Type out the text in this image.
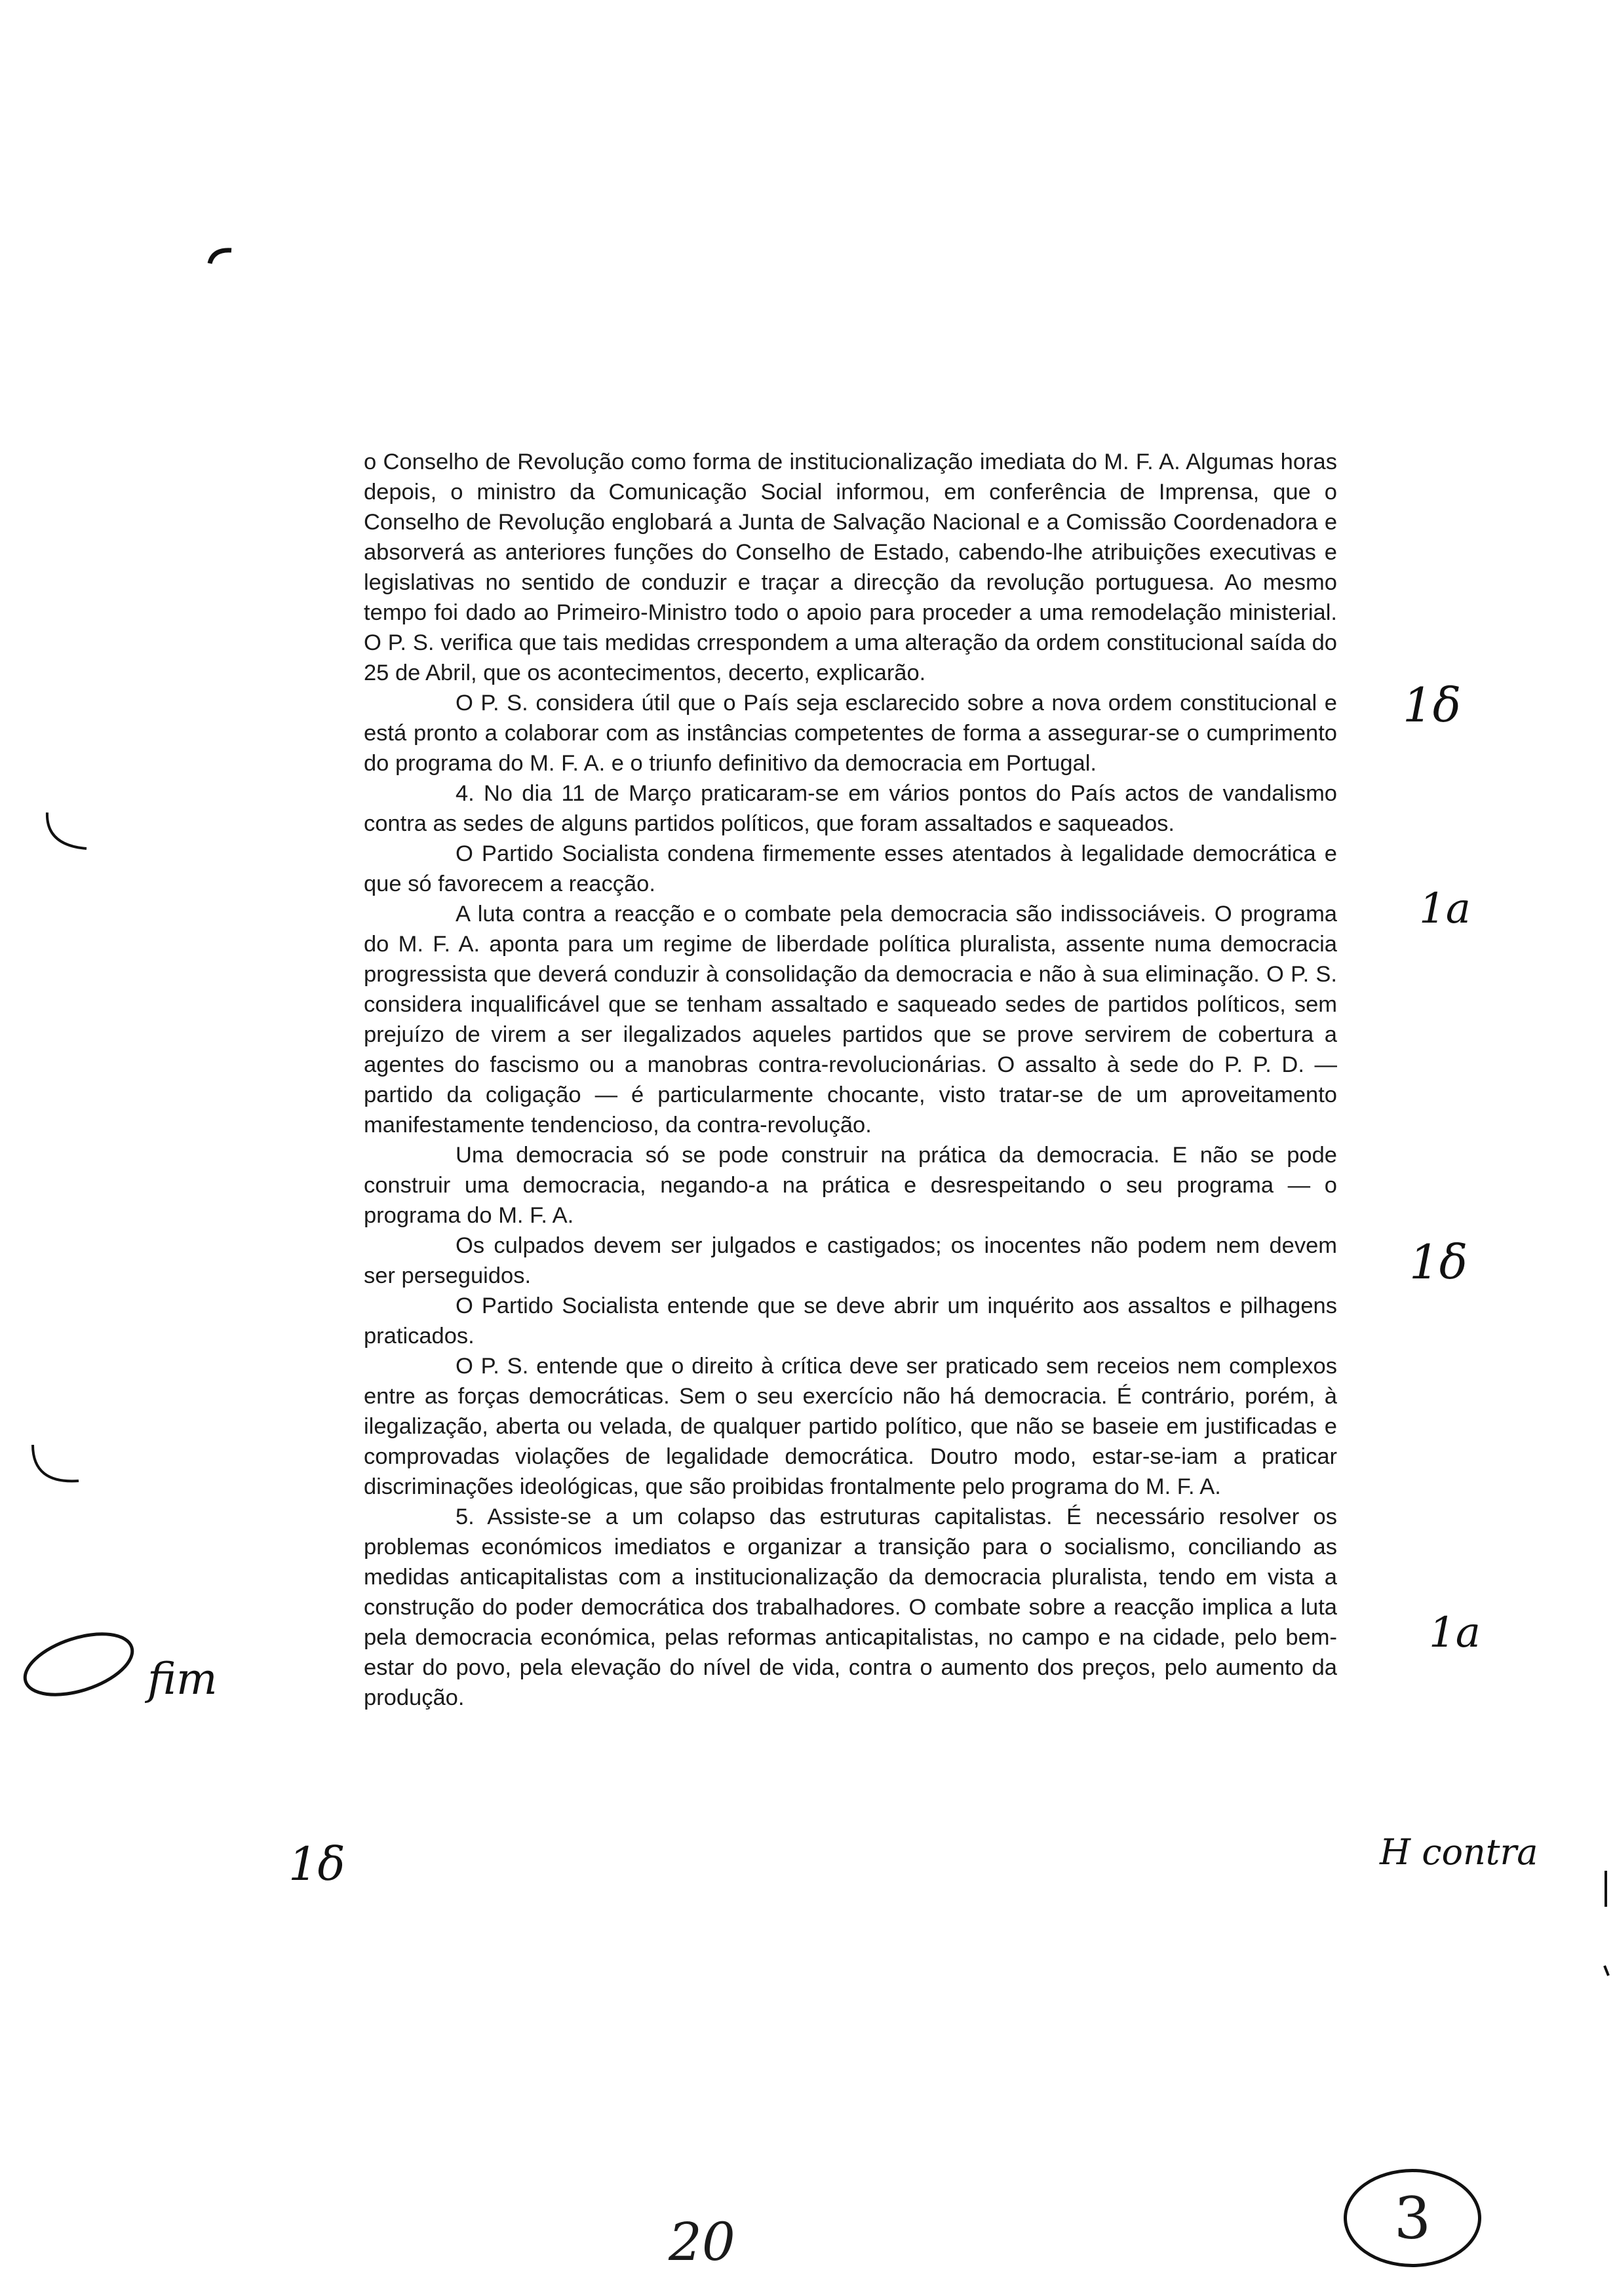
o Conselho de Revolução como forma de institucionalização imediata do M. F. A. Algumas horas depois, o ministro da Comunicação Social informou, em conferência de Imprensa, que o Conselho de Revolução englobará a Junta de Salvação Nacional e a Comissão Coordenadora e absorverá as anteriores funções do Conselho de Estado, cabendo-lhe atribuições executivas e legislativas no sentido de conduzir e traçar a direcção da revolução portuguesa. Ao mesmo tempo foi dado ao Primeiro-Ministro todo o apoio para proceder a uma remodelação ministerial. O P. S. verifica que tais medidas crrespondem a uma alteração da ordem constitucional saída do 25 de Abril, que os acontecimentos, decerto, explicarão.

O P. S. considera útil que o País seja esclarecido sobre a nova ordem constitucional e está pronto a colaborar com as instâncias competentes de forma a assegurar-se o cumprimento do programa do M. F. A. e o triunfo definitivo da democracia em Portugal.

4. No dia 11 de Março praticaram-se em vários pontos do País actos de vandalismo contra as sedes de alguns partidos políticos, que foram assaltados e saqueados.

O Partido Socialista condena firmemente esses atentados à legalidade democrática e que só favorecem a reacção.

A luta contra a reacção e o combate pela democracia são indissociáveis. O programa do M. F. A. aponta para um regime de liberdade política pluralista, assente numa democracia progressista que deverá conduzir à consolidação da democracia e não à sua eliminação. O P. S. considera inqualificável que se tenham assaltado e saqueado sedes de partidos políticos, sem prejuízo de virem a ser ilegalizados aqueles partidos que se prove servirem de cobertura a agentes do fascismo ou a manobras contra-revolucionárias. O assalto à sede do P. P. D. — partido da coligação — é particularmente chocante, visto tratar-se de um aproveitamento manifestamente tendencioso, da contra-revolução.

Uma democracia só se pode construir na prática da democracia. E não se pode construir uma democracia, negando-a na prática e desrespeitando o seu programa — o programa do M. F. A.

Os culpados devem ser julgados e castigados; os inocentes não podem nem devem ser perseguidos.

O Partido Socialista entende que se deve abrir um inquérito aos assaltos e pilhagens praticados.

O P. S. entende que o direito à crítica deve ser praticado sem receios nem complexos entre as forças democráticas. Sem o seu exercício não há democracia. É contrário, porém, à ilegalização, aberta ou velada, de qualquer partido político, que não se baseie em justificadas e comprovadas violações de legalidade democrática. Doutro modo, estar-se-iam a praticar discriminações ideológicas, que são proibidas frontalmente pelo programa do M. F. A.

5. Assiste-se a um colapso das estruturas capitalistas. É necessário resolver os problemas económicos imediatos e organizar a transição para o socialismo, conciliando as medidas anticapitalistas com a institucionalização da democracia pluralista, tendo em vista a construção do poder democrática dos trabalhadores. O combate sobre a reacção implica a luta pela democracia económica, pelas reformas anticapitalistas, no campo e na cidade, pelo bem-estar do povo, pela elevação do nível de vida, contra o aumento dos preços, pelo aumento da produção.

1δ
1a
1δ
1a
H contra
fim
1δ
20	3
